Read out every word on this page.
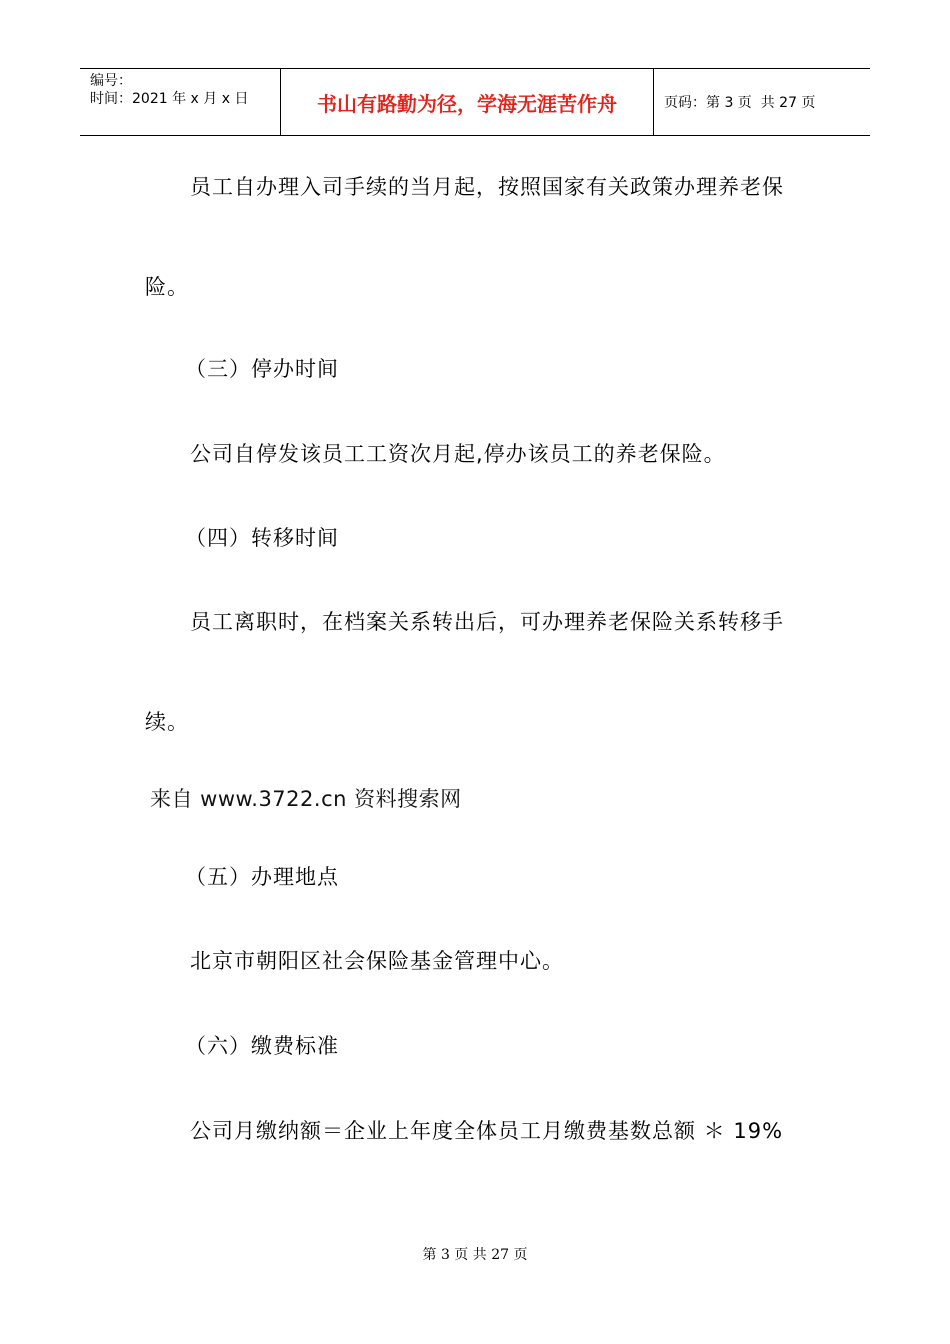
编号：
时间：2021 年 x 月 x 日	书山有路勤为径，学海无涯苦作舟	页码：第 3 页  共 27 页
员工自办理入司手续的当月起，按照国家有关政策办理养老保
险。
（三）停办时间
公司自停发该员工工资次月起,停办该员工的养老保险。
（四）转移时间
员工离职时，在档案关系转出后，可办理养老保险关系转移手
续。
来自 www.3722.cn 资料搜索网
（五）办理地点
北京市朝阳区社会保险基金管理中心。
（六）缴费标准
公司月缴纳额＝企业上年度全体员工月缴费基数总额 ＊ 19%
第 3 页 共 27 页
